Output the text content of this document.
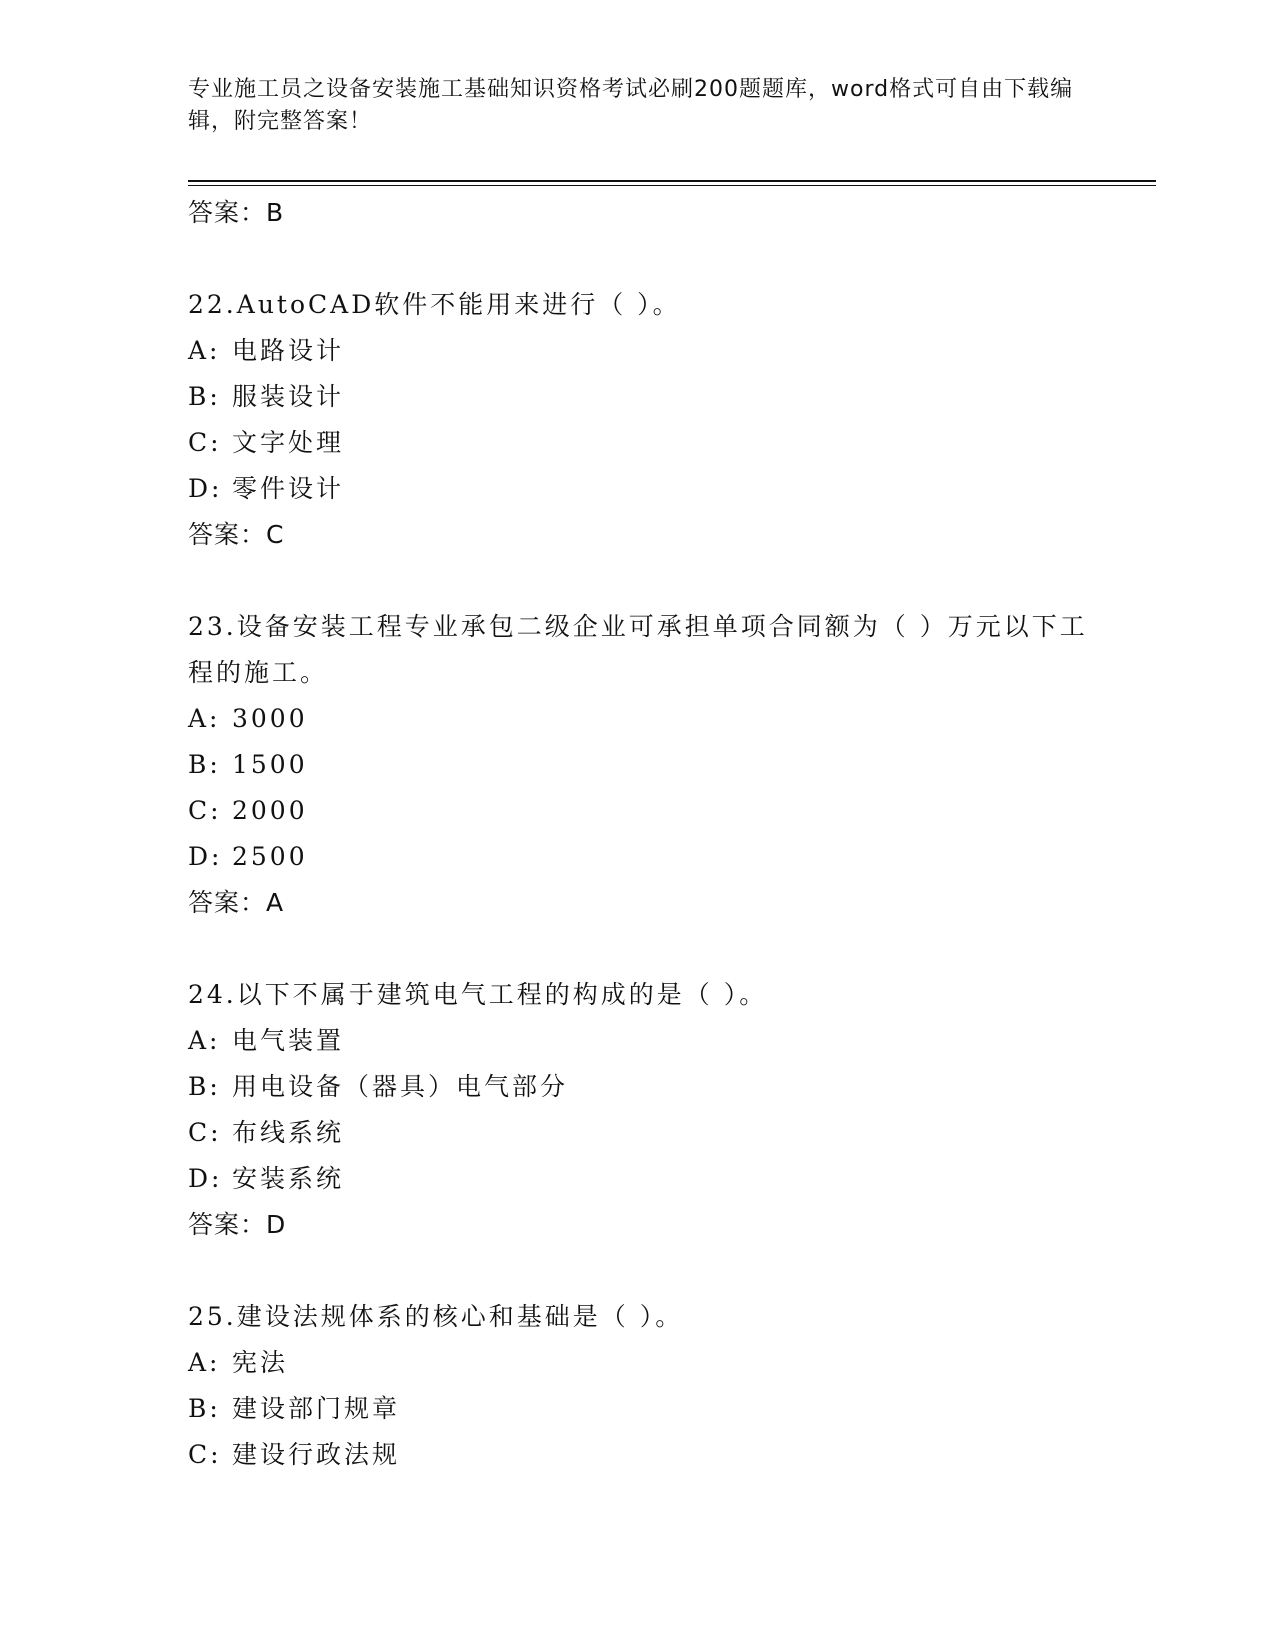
专业施工员之设备安装施工基础知识资格考试必刷200题题库，word格式可自由下载编辑，附完整答案！
答案：B
22.AutoCAD软件不能用来进行（ ）。
A: 电路设计
B: 服装设计
C: 文字处理
D: 零件设计
答案：C
23.设备安装工程专业承包二级企业可承担单项合同额为（ ）万元以下工程的施工。
A: 3000
B: 1500
C: 2000
D: 2500
答案：A
24.以下不属于建筑电气工程的构成的是（ ）。
A: 电气装置
B: 用电设备（器具）电气部分
C: 布线系统
D: 安装系统
答案：D
25.建设法规体系的核心和基础是（ ）。
A: 宪法
B: 建设部门规章
C: 建设行政法规
